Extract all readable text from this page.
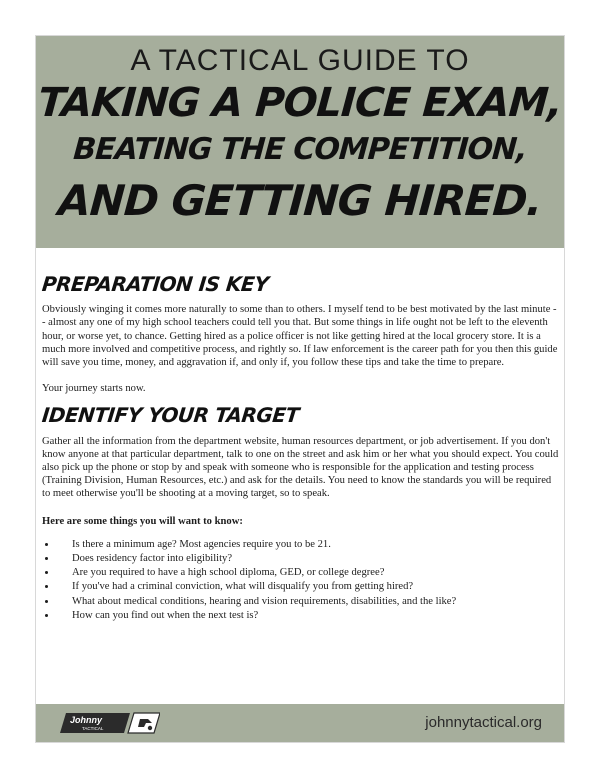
A TACTICAL GUIDE TO
TAKING A POLICE EXAM,
BEATING THE COMPETITION,
AND GETTING HIRED.
PREPARATION IS KEY

Obviously winging it comes more naturally to some than to others. I myself tend to be best motivated by the last minute -- almost any one of my high school teachers could tell you that. But some things in life ought not be left to the eleventh hour, or worse yet, to chance. Getting hired as a police officer is not like getting hired at the local grocery store. It is a much more involved and competitive process, and rightly so. If law enforcement is the career path for you then this guide will save you time, money, and aggravation if, and only if, you follow these tips and take the time to prepare.

Your journey starts now.

IDENTIFY YOUR TARGET

Gather all the information from the department website, human resources department, or job advertisement. If you don't know anyone at that particular department, talk to one on the street and ask him or her what you should expect. You could also pick up the phone or stop by and speak with someone who is responsible for the application and testing process (Training Division, Human Resources, etc.) and ask for the details. You need to know the standards you will be required to meet otherwise you'll be shooting at a moving target, so to speak.

Here are some things you will want to know:

Is there a minimum age? Most agencies require you to be 21.
Does residency factor into eligibility?
Are you required to have a high school diploma, GED, or college degree?
If you've had a criminal conviction, what will disqualify you from getting hired?
What about medical conditions, hearing and vision requirements, disabilities, and the like?
How can you find out when the next test is?
Johnny
TACTICAL	johnnytactical.org
